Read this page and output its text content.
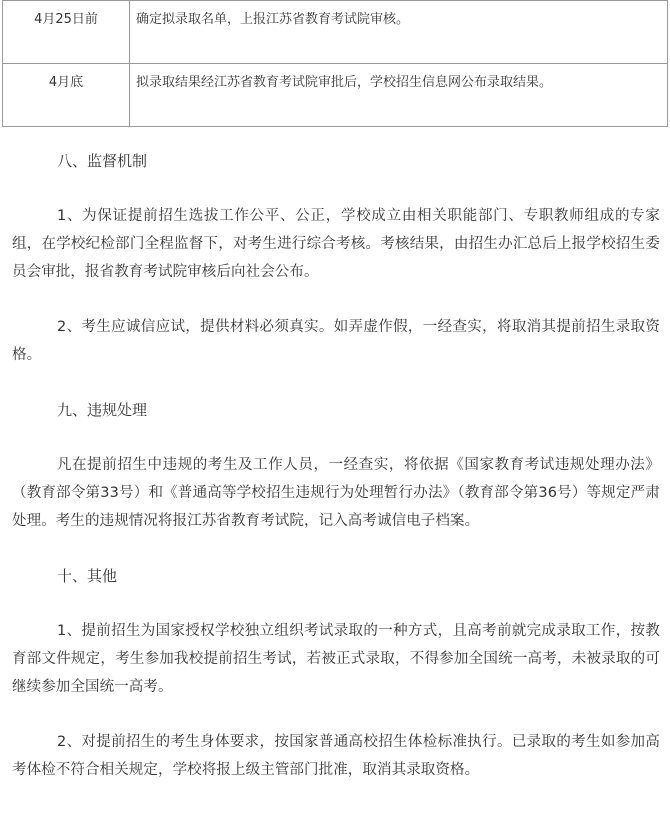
4月25日前	确定拟录取名单，上报江苏省教育考试院审核。
4月底	拟录取结果经江苏省教育考试院审批后，学校招生信息网公布录取结果。

八、监督机制

1、为保证提前招生选拔工作公平、公正，学校成立由相关职能部门、专职教师组成的专家组，在学校纪检部门全程监督下，对考生进行综合考核。考核结果，由招生办汇总后上报学校招生委员会审批，报省教育考试院审核后向社会公布。

2、考生应诚信应试，提供材料必须真实。如弄虚作假，一经查实，将取消其提前招生录取资格。

九、违规处理

凡在提前招生中违规的考生及工作人员，一经查实，将依据《国家教育考试违规处理办法》（教育部令第33号）和《普通高等学校招生违规行为处理暂行办法》（教育部令第36号）等规定严肃处理。考生的违规情况将报江苏省教育考试院，记入高考诚信电子档案。

十、其他

1、提前招生为国家授权学校独立组织考试录取的一种方式，且高考前就完成录取工作，按教育部文件规定，考生参加我校提前招生考试，若被正式录取，不得参加全国统一高考，未被录取的可继续参加全国统一高考。

2、对提前招生的考生身体要求，按国家普通高校招生体检标准执行。已录取的考生如参加高考体检不符合相关规定，学校将报上级主管部门批准，取消其录取资格。
